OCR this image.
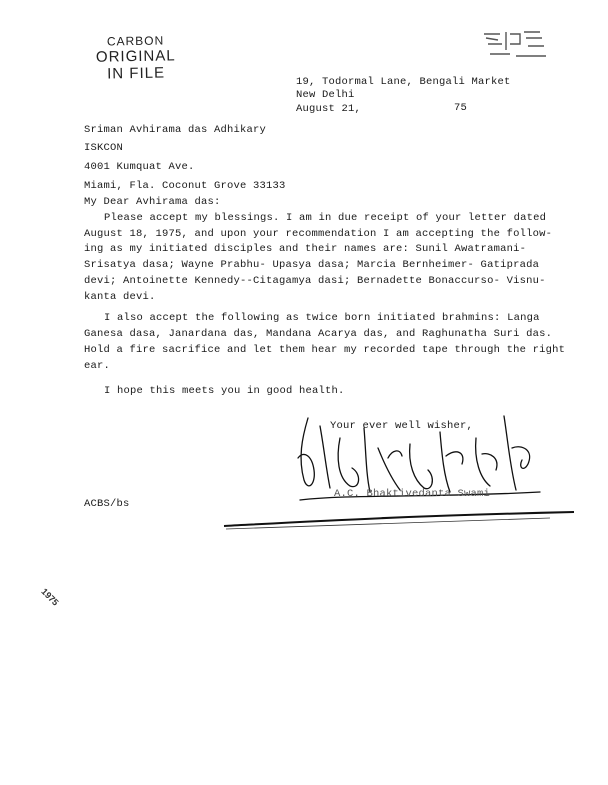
CARBON
ORIGINAL
IN FILE	19, Todormal Lane, Bengali Market
New Delhi
August 21,	75
Sriman Avhirama das Adhikary
ISKCON
4001 Kumquat Ave.
Miami, Fla. Coconut Grove 33133
My Dear Avhirama das:
Please accept my blessings. I am in due receipt of your letter dated
August 18, 1975, and upon your recommendation I am accepting the follow-
ing as my initiated disciples and their names are: Sunil Awatramani-
Srisatya dasa; Wayne Prabhu- Upasya dasa; Marcia Bernheimer- Gatiprada
devi; Antoinette Kennedy--Citagamya dasi; Bernadette Bonaccurso- Visnu-
kanta devi.
I also accept the following as twice born initiated brahmins: Langa
Ganesa dasa, Janardana das, Mandana Acarya das, and Raghunatha Suri das.
Hold a fire sacrifice and let them hear my recorded tape through the right
ear.
I hope this meets you in good health.
Your ever well wisher,
A.C. Bhaktivedanta Swami
ACBS/bs
1975
